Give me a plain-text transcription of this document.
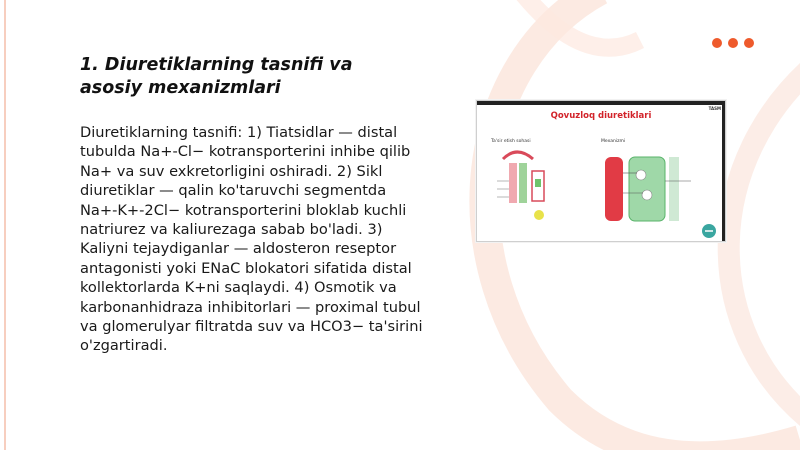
1. Diuretiklarning tasnifi va asosiy mexanizmlari

Diuretiklarning tasnifi: 1) Tiatsidlar — distal tubulda Na+-Cl− kotransporterini inhibe qilib Na+ va suv exkretorligini oshiradi. 2) Sikl diuretiklar — qalin ko'taruvchi segmentda Na+-K+-2Cl− kotransporterini bloklab kuchli natriurez va kaliurezaga sabab bo'ladi. 3) Kaliyni tejaydiganlar — aldosteron reseptor antagonisti yoki ENaC blokatori sifatida distal kollektorlarda K+ni saqlaydi. 4) Osmotik va karbonanhidraza inhibitorlari — proximal tubul va glomerulyar filtratda suv va HCO3− ta'sirini o'zgartiradi.

TASM
Qovuzloq diuretiklari
Ta'sir etish sohasi	Mexanizmi
